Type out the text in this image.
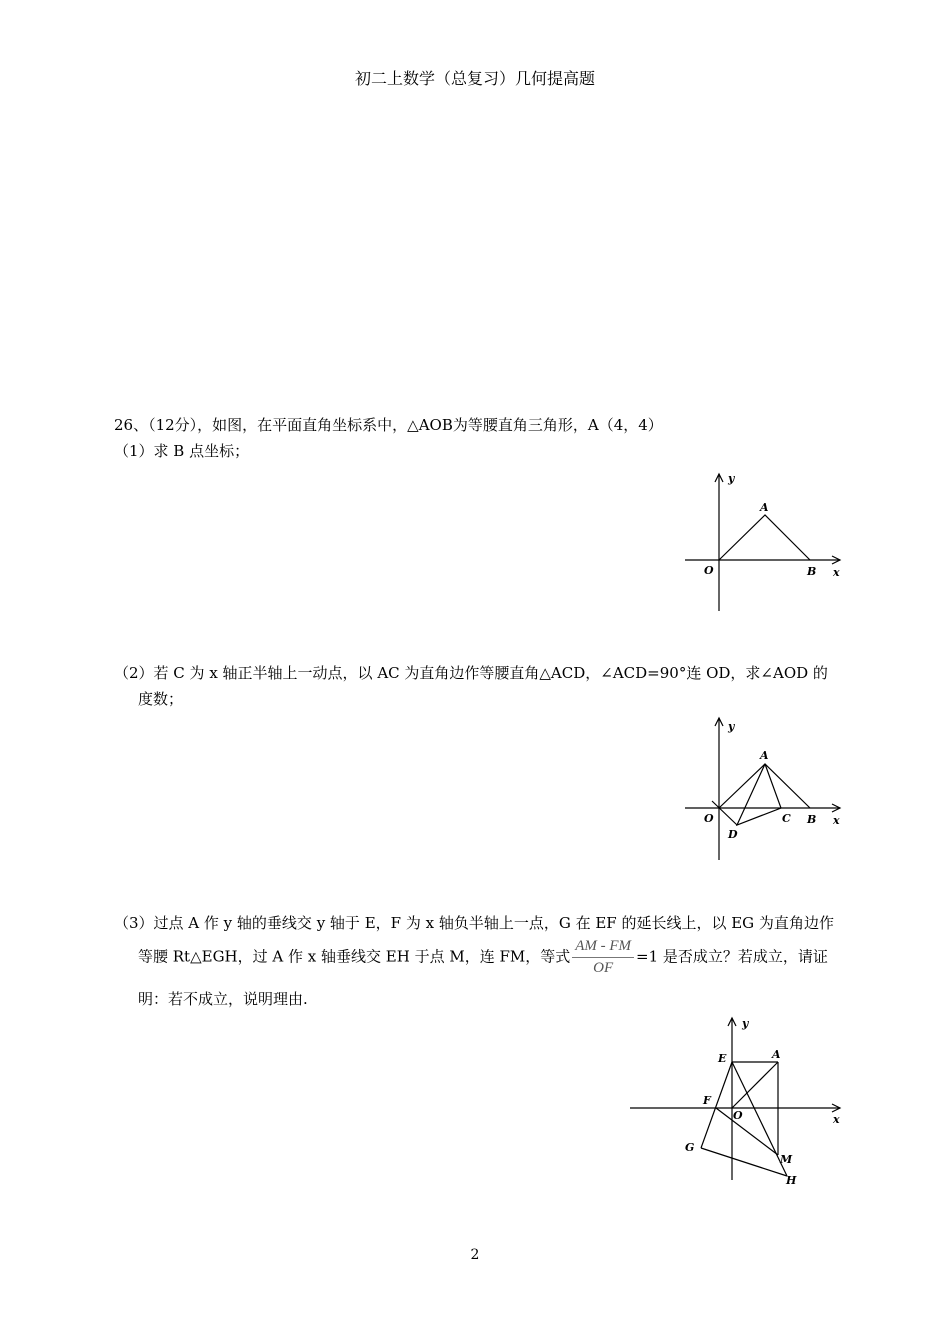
初二上数学（总复习）几何提高题
26、（12分），如图，在平面直角坐标系中，△AOB为等腰直角三角形，A（4，4）
（1）求 B 点坐标；
y
A
O	B x
（2）若 C 为 x 轴正半轴上一动点，以 AC 为直角边作等腰直角△ACD，∠ACD=90°连 OD，求∠AOD 的
度数；
y
A
O	C B x
D
（3）过点 A 作 y 轴的垂线交 y 轴于 E，F 为 x 轴负半轴上一点，G 在 EF 的延长线上，以 EG 为直角边作
等腰 Rt△EGH，过 A 作 x 轴垂线交 EH 于点 M，连 FM，等式 $\frac{AM - FM}{OF} =1$ 是否成立？若成立，请证
明：若不成立，说明理由.
y
E	A
F
O	x
G
M
H
2
